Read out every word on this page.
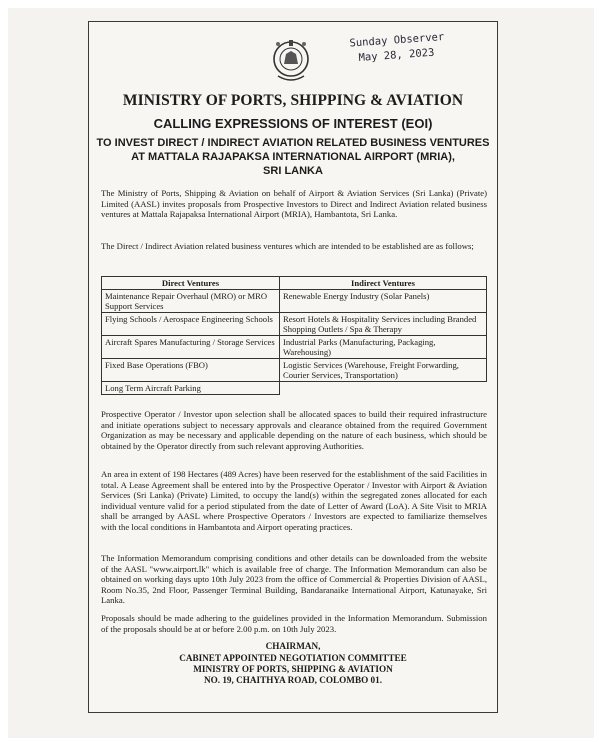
Sunday Observer
May 28, 2023
MINISTRY OF PORTS, SHIPPING & AVIATION
CALLING EXPRESSIONS OF INTEREST (EOI)
TO INVEST DIRECT / INDIRECT AVIATION RELATED BUSINESS VENTURES
AT MATTALA RAJAPAKSA INTERNATIONAL AIRPORT (MRIA),
SRI LANKA
The Ministry of Ports, Shipping & Aviation on behalf of Airport & Aviation Services (Sri Lanka) (Private) Limited (AASL) invites proposals from Prospective Investors to Direct and Indirect Aviation related business ventures at Mattala Rajapaksa International Airport (MRIA), Hambantota, Sri Lanka.
The Direct / Indirect Aviation related business ventures which are intended to be established are as follows;
Direct Ventures	Indirect Ventures
Maintenance Repair Overhaul (MRO) or MRO Support Services	Renewable Energy Industry (Solar Panels)
Flying Schools / Aerospace Engineering Schools	Resort Hotels & Hospitality Services including Branded Shopping Outlets / Spa & Therapy
Aircraft Spares Manufacturing / Storage Services	Industrial Parks (Manufacturing, Packaging, Warehousing)
Fixed Base Operations (FBO)	Logistic Services (Warehouse, Freight Forwarding, Courier Services, Transportation)
Long Term Aircraft Parking	
Prospective Operator / Investor upon selection shall be allocated spaces to build their required infrastructure and initiate operations subject to necessary approvals and clearance obtained from the required Government Organization as may be necessary and applicable depending on the nature of each business, which should be obtained by the Operator directly from such relevant approving Authorities.
An area in extent of 198 Hectares (489 Acres) have been reserved for the establishment of the said Facilities in total. A Lease Agreement shall be entered into by the Prospective Operator / Investor with Airport & Aviation Services (Sri Lanka) (Private) Limited, to occupy the land(s) within the segregated zones allocated for each individual venture valid for a period stipulated from the date of Letter of Award (LoA). A Site Visit to MRIA shall be arranged by AASL where Prospective Operators / Investors are expected to familiarize themselves with the local conditions in Hambantota and Airport operating practices.
The Information Memorandum comprising conditions and other details can be downloaded from the website of the AASL "www.airport.lk" which is available free of charge. The Information Memorandum can also be obtained on working days upto 10th July 2023 from the office of Commercial & Properties Division of AASL, Room No.35, 2nd Floor, Passenger Terminal Building, Bandaranaike International Airport, Katunayake, Sri Lanka.
Proposals should be made adhering to the guidelines provided in the Information Memorandum. Submission of the proposals should be at or before 2.00 p.m. on 10th July 2023.
CHAIRMAN,
CABINET APPOINTED NEGOTIATION COMMITTEE
MINISTRY OF PORTS, SHIPPING & AVIATION
NO. 19, CHAITHYA ROAD, COLOMBO 01.
